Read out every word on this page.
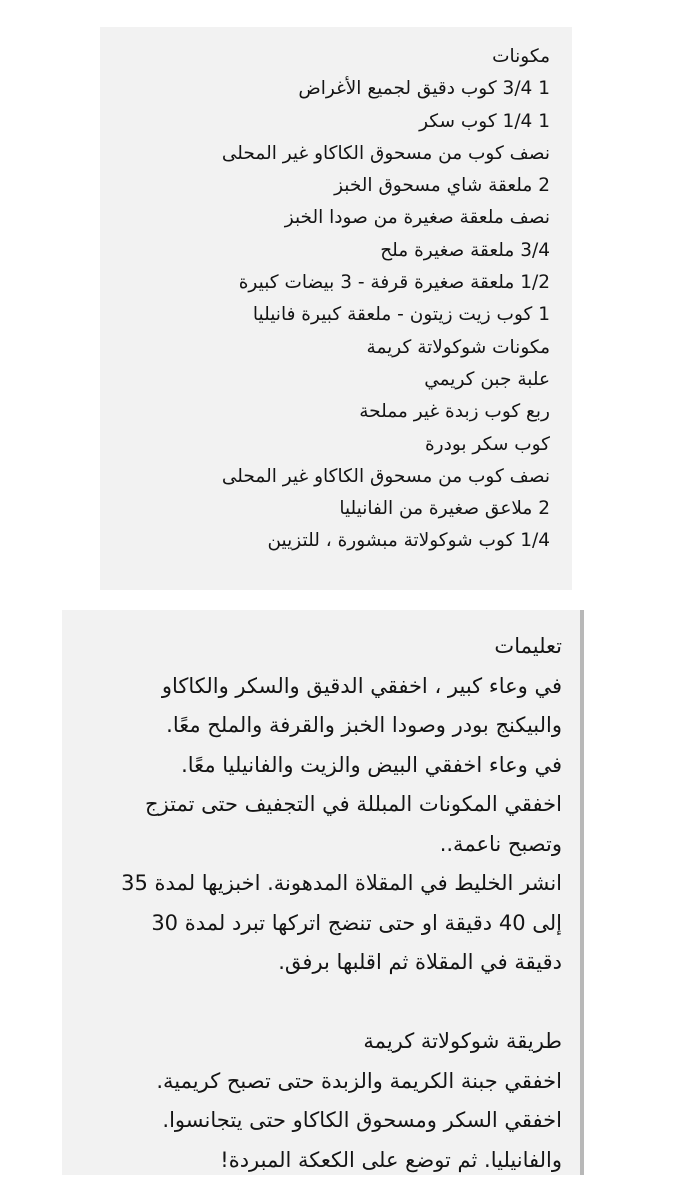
مكونات
1 3/4 كوب دقيق لجميع الأغراض
1 1/4 كوب سكر
نصف كوب من مسحوق الكاكاو غير المحلى
2 ملعقة شاي مسحوق الخبز
نصف ملعقة صغيرة من صودا الخبز
3/4 ملعقة صغيرة ملح
1/2 ملعقة صغيرة قرفة - 3 بيضات كبيرة
1 كوب زيت زيتون - ملعقة كبيرة فانيليا
مكونات شوكولاتة كريمة
علبة جبن كريمي
ربع كوب زبدة غير مملحة
كوب سكر بودرة
نصف كوب من مسحوق الكاكاو غير المحلى
2 ملاعق صغيرة من الفانيليا
1/4 كوب شوكولاتة مبشورة ، للتزيين
تعليمات
في وعاء كبير ، اخفقي الدقيق والسكر والكاكاو
والبيكنج بودر وصودا الخبز والقرفة والملح معًا.
في وعاء اخفقي البيض والزيت والفانيليا معًا.
اخفقي المكونات المبللة في التجفيف حتى تمتزج
وتصبح ناعمة..
انشر الخليط في المقلاة المدهونة. اخبزيها لمدة 35
إلى 40 دقيقة او حتى تنضج اتركها تبرد لمدة 30
دقيقة في المقلاة ثم اقلبها برفق.
طريقة شوكولاتة كريمة
اخفقي جبنة الكريمة والزبدة حتى تصبح كريمية.
اخفقي السكر ومسحوق الكاكاو حتى يتجانسوا.
والفانيليا. ثم توضع على الكعكة المبردة!
